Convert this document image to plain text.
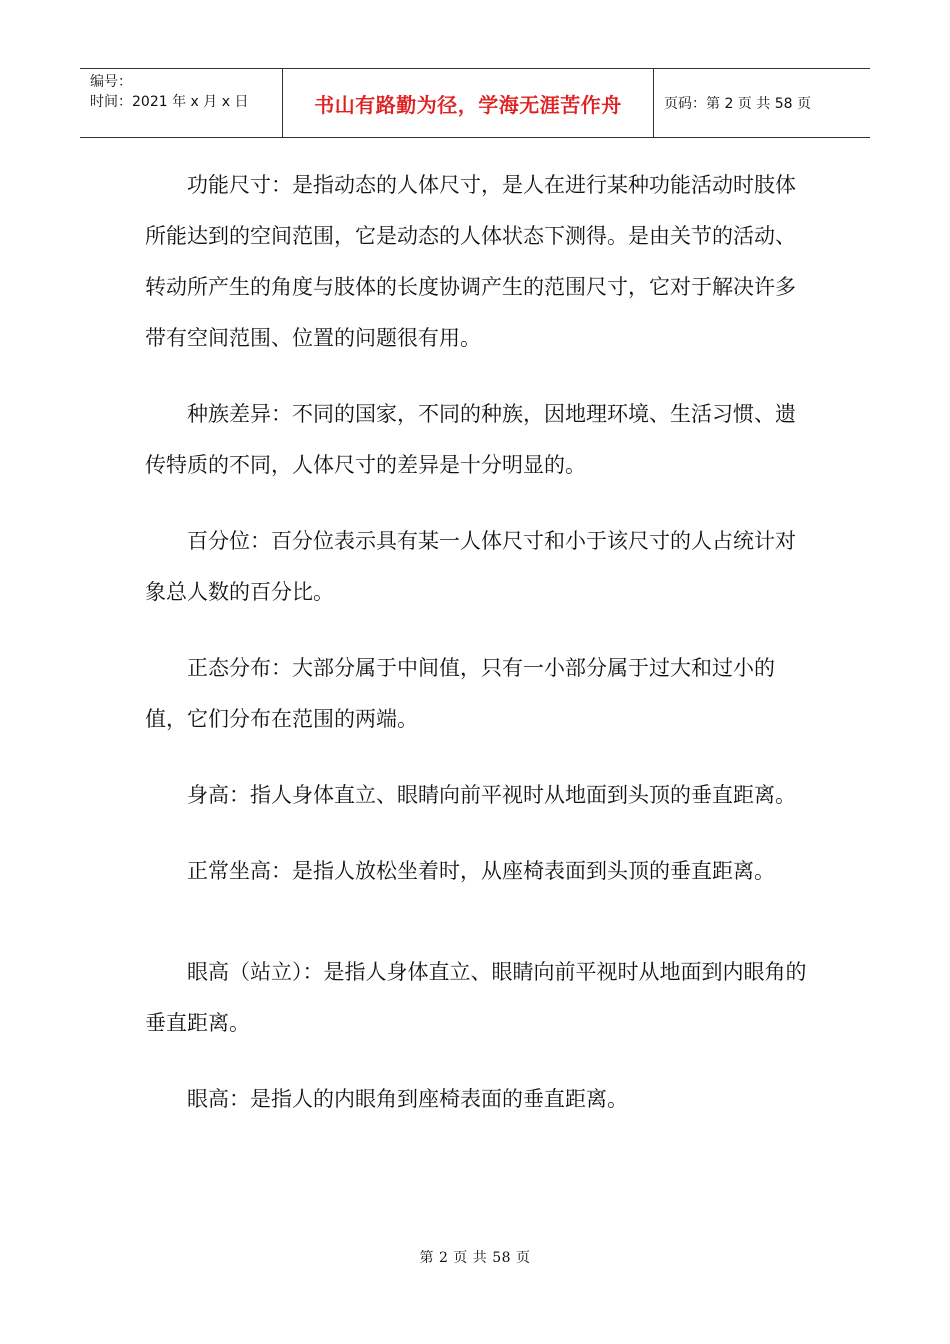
编号：
时间：2021 年 x 月 x 日	书山有路勤为径，学海无涯苦作舟	页码：第 2 页 共 58 页

功能尺寸：是指动态的人体尺寸，是人在进行某种功能活动时肢体所能达到的空间范围，它是动态的人体状态下测得。是由关节的活动、  转动所产生的角度与肢体的长度协调产生的范围尺寸，它对于解决许多带有空间范围、位置的问题很有用。

种族差异：不同的国家，不同的种族，因地理环境、生活习惯、遗传特质的不同，人体尺寸的差异是十分明显的。

百分位：百分位表示具有某一人体尺寸和小于该尺寸的人占统计对象总人数的百分比。

正态分布：大部分属于中间值，只有一小部分属于过大和过小的值，它们分布在范围的两端。

身高：指人身体直立、眼睛向前平视时从地面到头顶的垂直距离。

正常坐高：是指人放松坐着时，从座椅表面到头顶的垂直距离。

眼高（站立）：是指人身体直立、眼睛向前平视时从地面到内眼角的垂直距离。

眼高：是指人的内眼角到座椅表面的垂直距离。

第 2 页 共 58 页
